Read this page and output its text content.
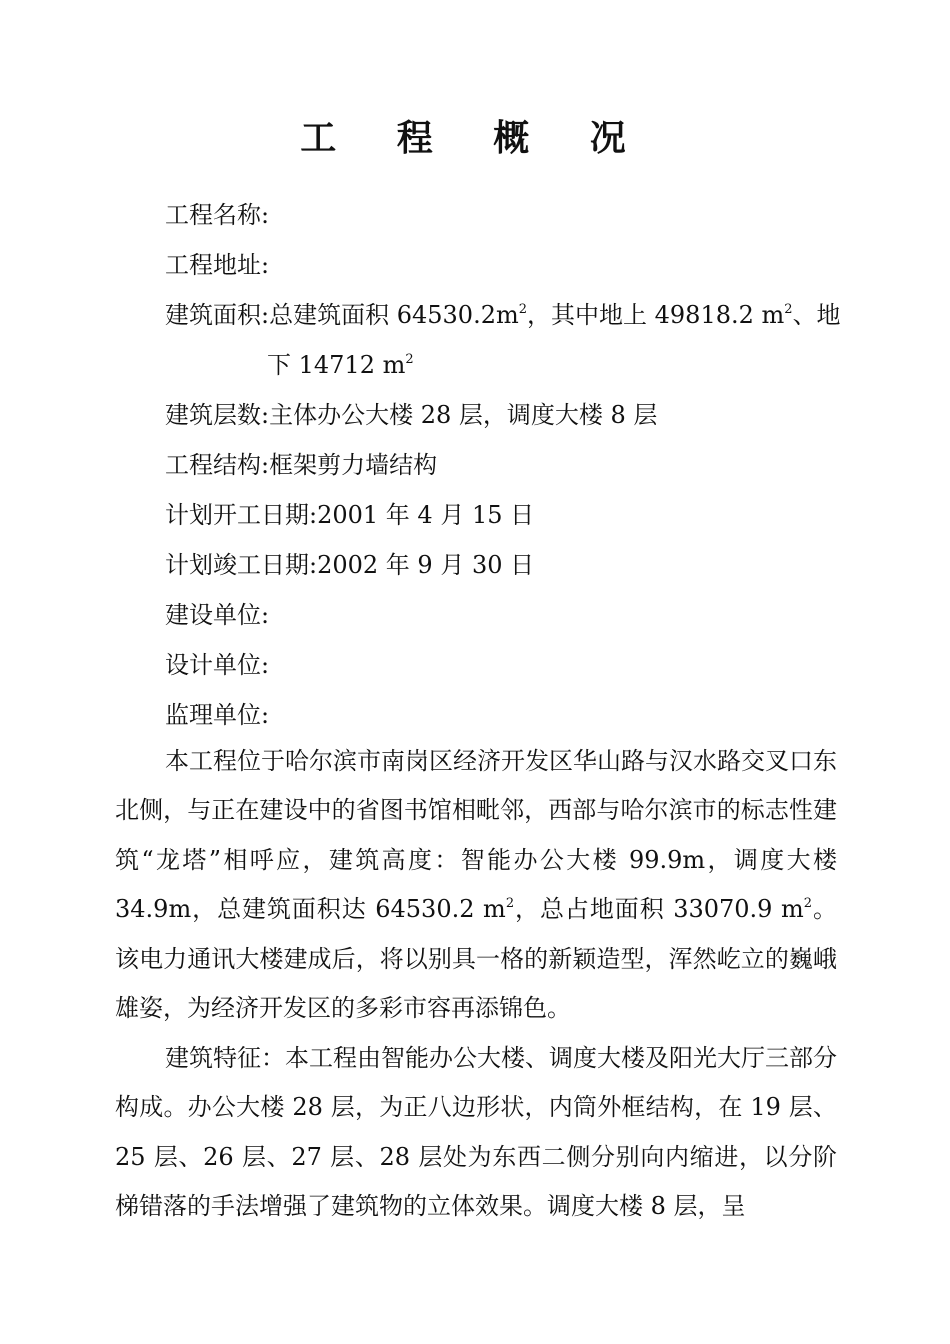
工 程 概 况
工程名称:
工程地址:
建筑面积:总建筑面积 $64530.2m^2$，其中地上 49818.2 $m^2$、地
下 14712 $m^2$
建筑层数:主体办公大楼 28 层，调度大楼 8 层
工程结构:框架剪力墙结构
计划开工日期:2001 年 4 月 15 日
计划竣工日期:2002 年 9 月 30 日
建设单位:
设计单位:
监理单位:

本工程位于哈尔滨市南岗区经济开发区华山路与汉水路交叉口东北侧，与正在建设中的省图书馆相毗邻，西部与哈尔滨市的标志性建筑“龙塔”相呼应，建筑高度：智能办公大楼 99.9m，调度大楼 34.9m，总建筑面积达 64530.2 $m^2$，总占地面积 33070.9 $m^2$。该电力通讯大楼建成后，将以别具一格的新颖造型，浑然屹立的巍峨雄姿，为经济开发区的多彩市容再添锦色。

建筑特征：本工程由智能办公大楼、调度大楼及阳光大厅三部分构成。办公大楼 28 层，为正八边形状，内筒外框结构，在 19 层、25 层、26 层、27 层、28 层处为东西二侧分别向内缩进，以分阶梯错落的手法增强了建筑物的立体效果。调度大楼 8 层，呈
